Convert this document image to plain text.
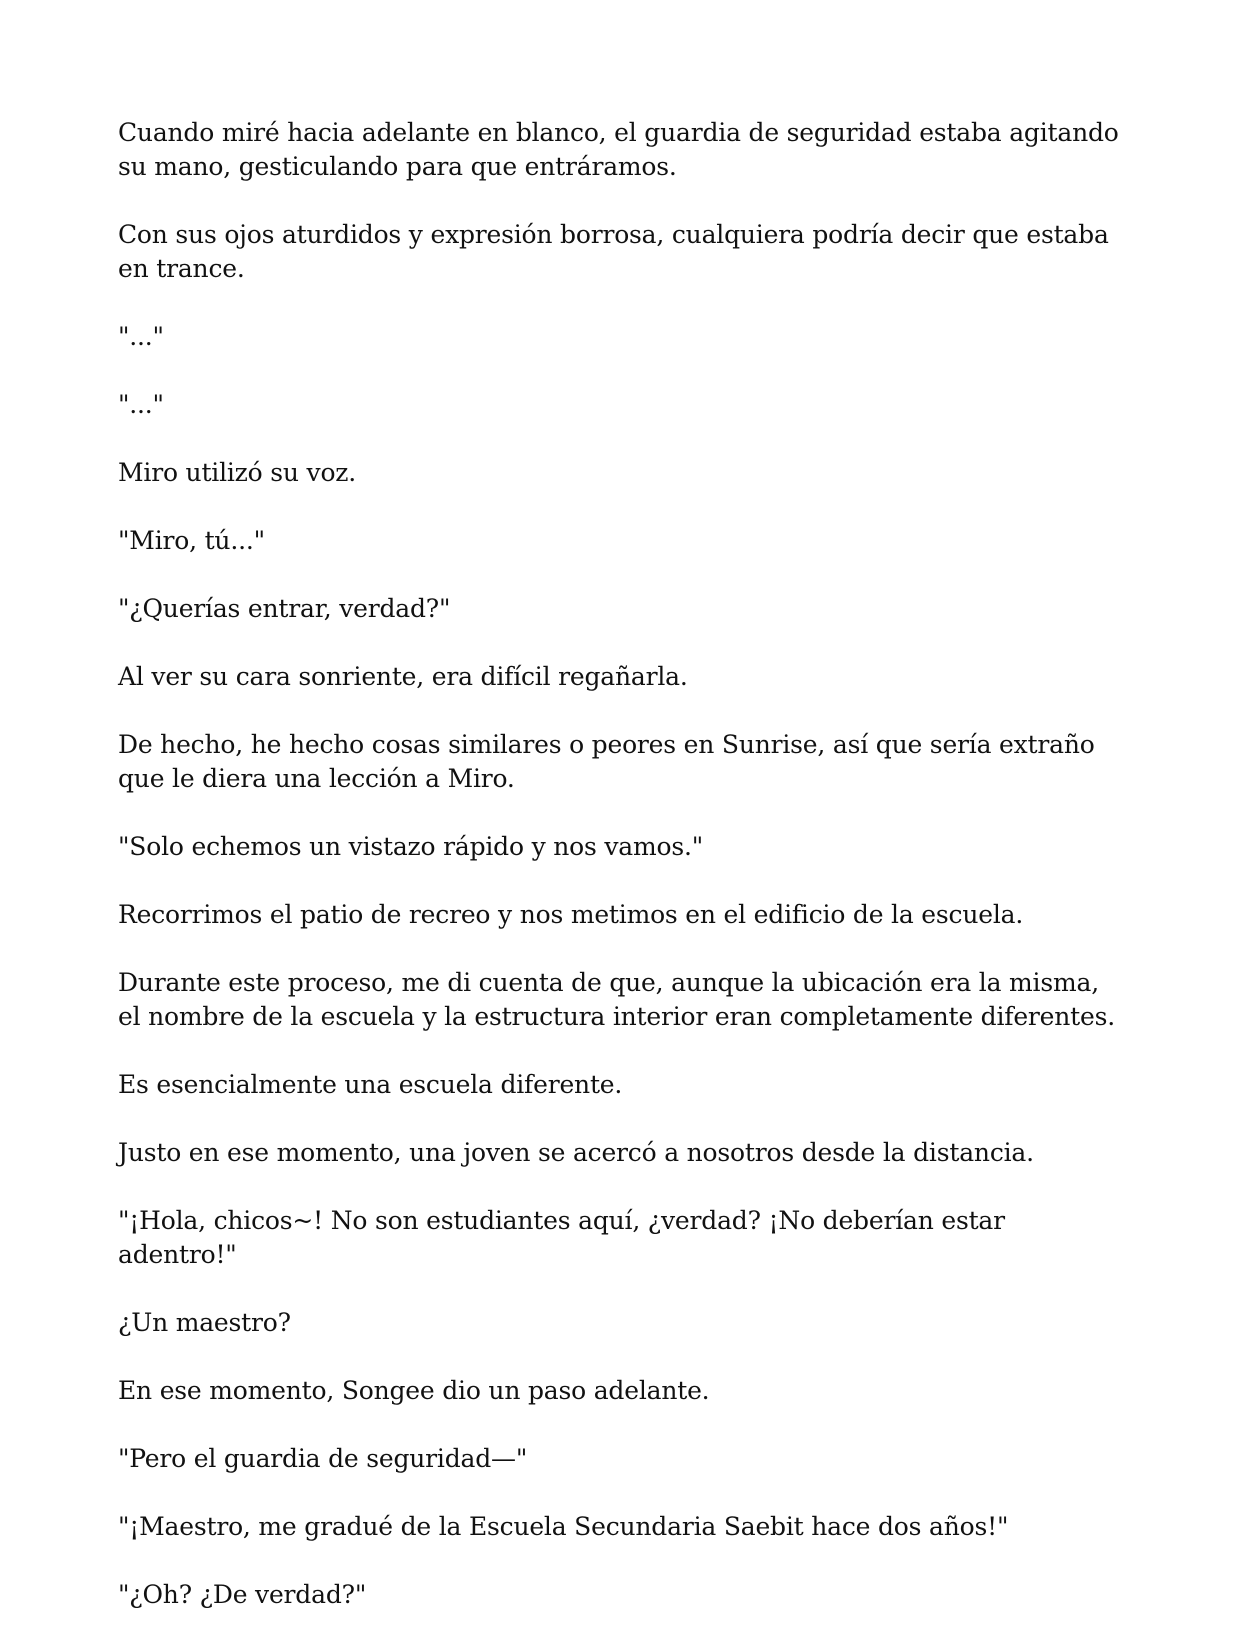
Cuando miré hacia adelante en blanco, el guardia de seguridad estaba agitando su mano, gesticulando para que entráramos.

Con sus ojos aturdidos y expresión borrosa, cualquiera podría decir que estaba en trance.

"..."

"..."

Miro utilizó su voz.

"Miro, tú..."

"¿Querías entrar, verdad?"

Al ver su cara sonriente, era difícil regañarla.

De hecho, he hecho cosas similares o peores en Sunrise, así que sería extraño que le diera una lección a Miro.

"Solo echemos un vistazo rápido y nos vamos."

Recorrimos el patio de recreo y nos metimos en el edificio de la escuela.

Durante este proceso, me di cuenta de que, aunque la ubicación era la misma, el nombre de la escuela y la estructura interior eran completamente diferentes.

Es esencialmente una escuela diferente.

Justo en ese momento, una joven se acercó a nosotros desde la distancia.

"¡Hola, chicos~! No son estudiantes aquí, ¿verdad? ¡No deberían estar adentro!"

¿Un maestro?

En ese momento, Songee dio un paso adelante.

"Pero el guardia de seguridad—"

"¡Maestro, me gradué de la Escuela Secundaria Saebit hace dos años!"

"¿Oh? ¿De verdad?"
